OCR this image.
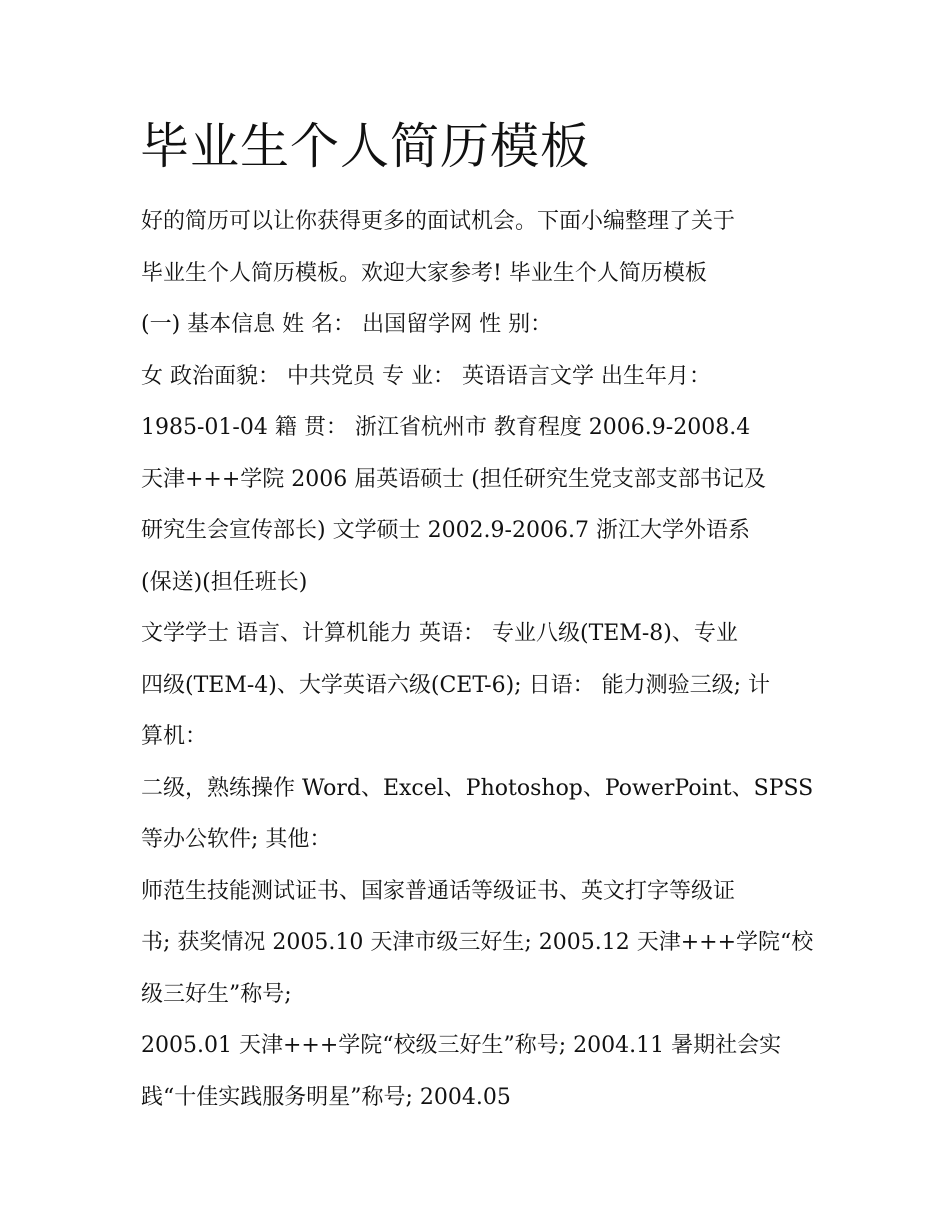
毕业生个人简历模板
好的简历可以让你获得更多的面试机会。下面小编整理了关于
毕业生个人简历模板。欢迎大家参考! 毕业生个人简历模板
(一) 基本信息 姓 名： 出国留学网 性 别：
女 政治面貌： 中共党员 专 业： 英语语言文学 出生年月：
1985-01-04 籍 贯： 浙江省杭州市 教育程度 2006.9-2008.4
天津+++学院 2006 届英语硕士 (担任研究生党支部支部书记及
研究生会宣传部长) 文学硕士 2002.9-2006.7 浙江大学外语系
(保送)(担任班长)
文学学士 语言、计算机能力 英语： 专业八级(TEM-8)、专业
四级(TEM-4)、大学英语六级(CET-6); 日语： 能力测验三级; 计
算机：
二级，熟练操作 Word、Excel、Photoshop、PowerPoint、SPSS
等办公软件; 其他：
师范生技能测试证书、国家普通话等级证书、英文打字等级证
书; 获奖情况 2005.10 天津市级三好生; 2005.12 天津+++学院“校
级三好生”称号;
2005.01 天津+++学院“校级三好生”称号; 2004.11 暑期社会实
践“十佳实践服务明星”称号; 2004.05
